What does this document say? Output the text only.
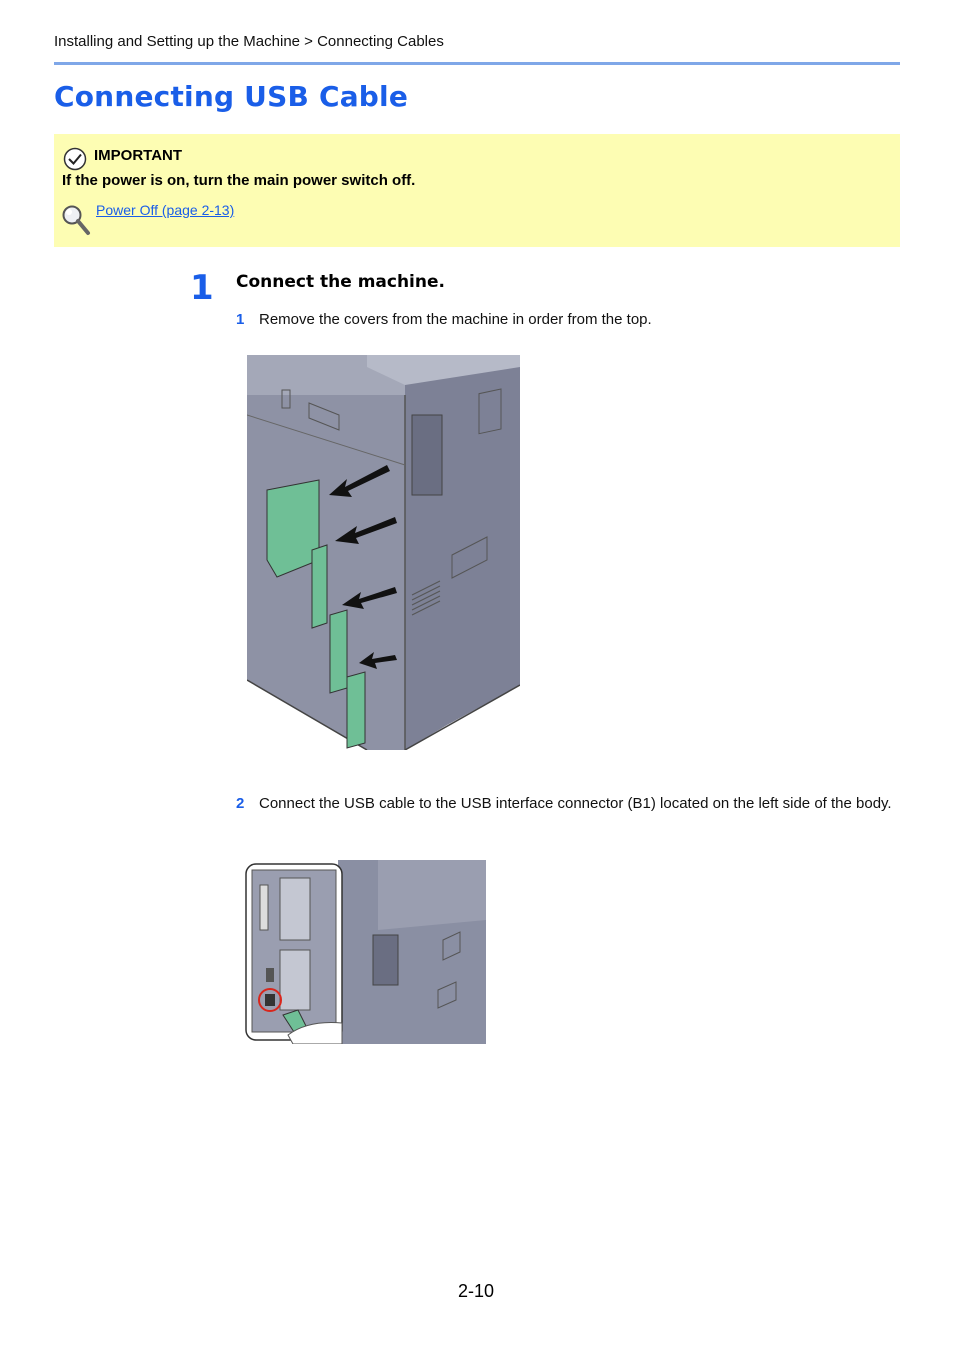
Installing and Setting up the Machine > Connecting Cables
Connecting USB Cable
IMPORTANT
If the power is on, turn the main power switch off.
Power Off (page 2-13)
1 Connect the machine.
1 Remove the covers from the machine in order from the top.
2 Connect the USB cable to the USB interface connector (B1) located on the left side of the body.
2-10
